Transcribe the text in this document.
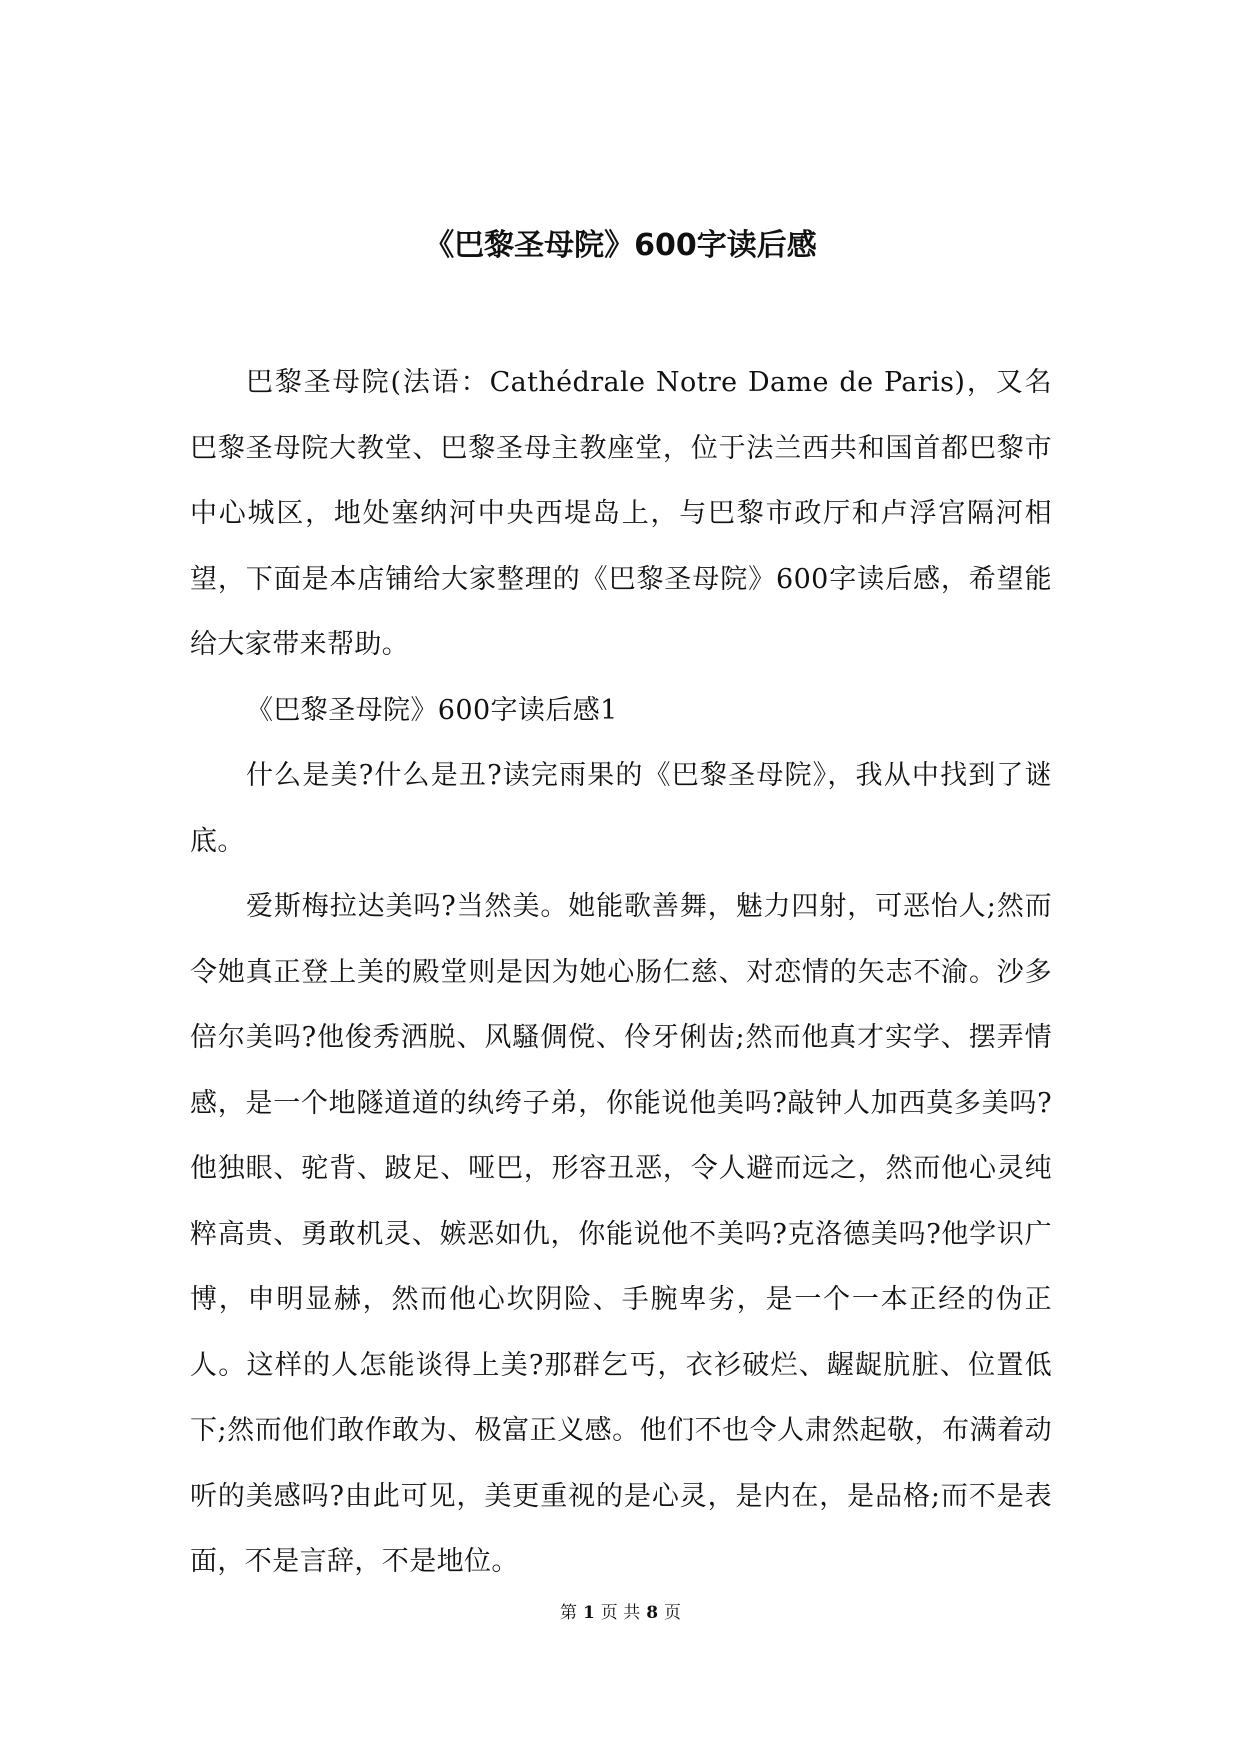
《巴黎圣母院》600字读后感

巴黎圣母院(法语：Cathédrale Notre Dame de Paris)，又名巴黎圣母院大教堂、巴黎圣母主教座堂，位于法兰西共和国首都巴黎市中心城区，地处塞纳河中央西堤岛上，与巴黎市政厅和卢浮宫隔河相望，下面是本店铺给大家整理的《巴黎圣母院》600字读后感，希望能给大家带来帮助。

《巴黎圣母院》600字读后感1

什么是美?什么是丑?读完雨果的《巴黎圣母院》，我从中找到了谜底。

爱斯梅拉达美吗?当然美。她能歌善舞，魅力四射，可恶怡人;然而令她真正登上美的殿堂则是因为她心肠仁慈、对恋情的矢志不渝。沙多倍尔美吗?他俊秀洒脱、风騷倜傥、伶牙俐齿;然而他真才实学、摆弄情感，是一个地隧道道的纨绔子弟，你能说他美吗?敲钟人加西莫多美吗?他独眼、驼背、跛足、哑巴，形容丑恶，令人避而远之，然而他心灵纯粹高贵、勇敢机灵、嫉恶如仇，你能说他不美吗?克洛德美吗?他学识广博，申明显赫，然而他心坎阴险、手腕卑劣，是一个一本正经的伪正人。这样的人怎能谈得上美?那群乞丐，衣衫破烂、龌龊肮脏、位置低下;然而他们敢作敢为、极富正义感。他们不也令人肃然起敬，布满着动听的美感吗?由此可见，美更重视的是心灵，是内在，是品格;而不是表面，不是言辞，不是地位。

第 1 页 共 8 页
